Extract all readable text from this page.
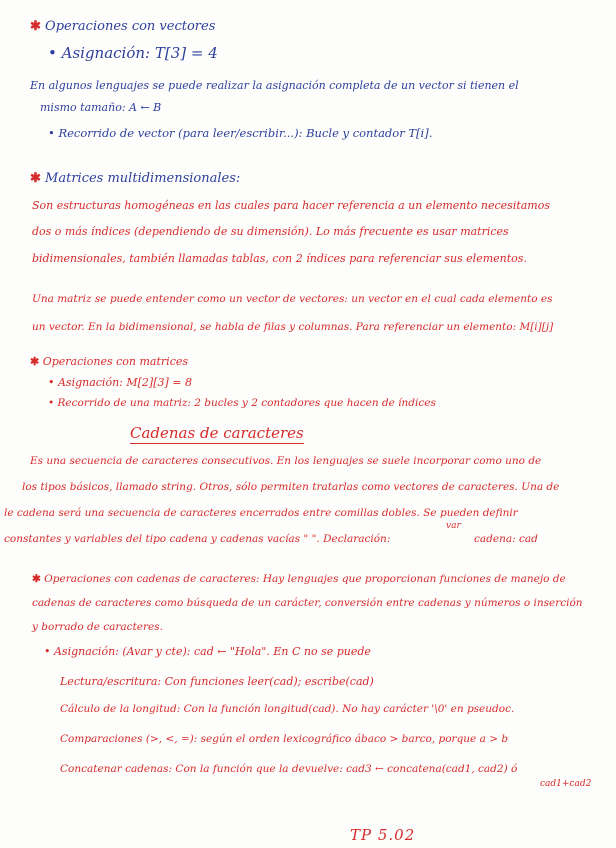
✱ Operaciones con vectores
• Asignación: T[3] = 4
En algunos lenguajes se puede realizar la asignación completa de un vector si tienen el
mismo tamaño: A ← B
• Recorrido de vector (para leer/escribir...): Bucle y contador T[i].
✱ Matrices multidimensionales:
Son estructuras homogéneas en las cuales para hacer referencia a un elemento necesitamos
dos o más índices (dependiendo de su dimensión). Lo más frecuente es usar matrices
bidimensionales, también llamadas tablas, con 2 índices para referenciar sus elementos.
Una matriz se puede entender como un vector de vectores: un vector en el cual cada elemento es
un vector. En la bidimensional, se habla de filas y columnas. Para referenciar un elemento: M[i][j]
✱ Operaciones con matrices
• Asignación: M[2][3] = 8
• Recorrido de una matriz: 2 bucles y 2 contadores que hacen de índices
Cadenas de caracteres
Es una secuencia de caracteres consecutivos. En los lenguajes se suele incorporar como uno de
los tipos básicos, llamado string. Otros, sólo permiten tratarlas como vectores de caracteres. Una de
le cadena será una secuencia de caracteres encerrados entre comillas dobles. Se pueden definir
constantes y variables del tipo cadena y cadenas vacías " ". Declaración:
var
cadena: cad
✱ Operaciones con cadenas de caracteres: Hay lenguajes que proporcionan funciones de manejo de
cadenas de caracteres como búsqueda de un carácter, conversión entre cadenas y números o inserción
y borrado de caracteres.
• Asignación: (Avar y cte): cad ← "Hola". En C no se puede
Lectura/escritura: Con funciones leer(cad); escribe(cad)
Cálculo de la longitud: Con la función longitud(cad). No hay carácter '\0' en pseudoc.
Comparaciones (>, <, =): según el orden lexicográfico ábaco > barco, porque a > b
Concatenar cadenas: Con la función que la devuelve: cad3 ← concatena(cad1, cad2) ó
cad1+cad2
TP 5.02
